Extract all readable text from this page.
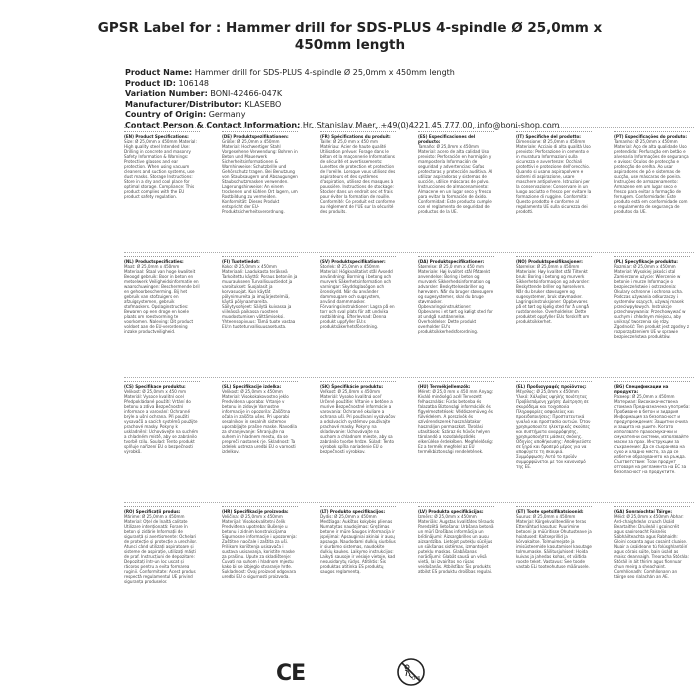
GPSR Label for : Hammer drill for SDS-PLUS 4-spindle Ø 25,0mm x
450mm length
Product Name: Hammer drill for SDS-PLUS 4-spindle Ø 25,0mm x 450mm length
Product ID: 106148
Variation Number: BONI-42466-047K
Manufacturer/Distributor: KLASEBO
Country of Origin: Germany
Contact Person & Contact Information: Hr. Stanislav Maer, +49(0)4221 45 777 00, info@boni-shop.com
(EN) Product Specifications:
Size: Ø 25,0mm x 450mm Material: High quality steel Intended Use: Drilling in concrete and masonry Safety Information & Warnings: Protective glasses and ear protection. When using vacuum cleaners and suction systems, use dust masks. Storage Instructions: Store in a dry and cool place for optimal storage. Compliance: This product complies with the EU product safety regulation.
(DE) Produktspezifikationen:
Größe: Ø 25,0mm x 450mm Material: Hochwertiger Stahl Vorgesehene Verwendung: Bohren in Beton und Mauerwerk Sicherheitsinformationen & Warnhinweise: Schutzbrille und Gehörschutz tragen. Bei Benutzung von Staubsaugern und Absaugungen Staubschutzmasken verwenden. Lagerungshinweise: An einem trockenen und kühlen Ort lagern, um Rostbildung zu vermeiden. Konformität: Dieses Produkt entspricht der EU-Produktsicherheitsverordnung.
(FR) Spécifications du produit:
Taille: Ø 25,0 mm x 450 mm Matériau: Acier de haute qualité Utilisation prévue: Forage dans le béton et la maçonnerie Informations de sécurité et avertissements: Lunettes de protection et protection de l'oreille. Lorsque vous utilisez des aspirateurs et des systèmes d'aspiration, utilisez des masques à poussière. Instructions de stockage: Stocker dans un endroit sec et frais pour éviter la formation de rouille. Conformité: Ce produit est conforme au règlement de l'UE sur la sécurité des produits.
(ES) Especificaciones del producto:
Tamaño: Ø 25,0mm x 450mm Material: acero de alta calidad Uso previsto: Perforación en hormigón y mampostería Información de seguridad y advertencias: Gafas protectoras y protección auditiva. Al utilizar aspiradoras y sistemas de succión, utilice máscaras de polvo. Instrucciones de almacenamiento: Almacene en un lugar seco y fresco para evitar la formación de óxido. Conformidad: Este producto cumple con el reglamento de seguridad de productos de la UE.
(IT) Specifiche del prodotto:
Dimensione: Ø 25,0mm x 450mm Materiale: Acciaio di alta qualità Uso previsto: Perforazione in cemento e in muratura Informazioni sulla sicurezza e avvertenze: Occhiali protettivi e protezione dell'orecchio. Quando si usano aspirapolvere e sistemi di aspirazione, usare maschere antipolvere. Istruzioni per la conservazione: Conservare in un luogo asciutto e fresco per evitare la formazione di ruggine. Conformità: Questo prodotto è conforme al regolamento UE sulla sicurezza dei prodotti.
(PT) Especificações do produto:
Tamanho: Ø 25,0mm x 450mm Material: Aço de alta qualidade Uso pretendido: Perfuração em betão e alvenaria Informações de segurança e avisos: Óculos de protecção e protecção de orelha. Ao usar aspiradores de pó e sistemas de sucção, use máscaras de poeira. Instruções de armazenamento: Armazene em um lugar seco e fresco para evitar a formação de ferrugem. Conformidade: Este produto está em conformidade com o regulamento de segurança de produtos da UE.
(NL) Productspecificaties:
Maat: Ø 25,0mm x 450mm Materiaal: Staal van hoge kwaliteit Beoogd gebruik: Boor in beton en metselwerk Veiligheidsinformatie en waarschuwingen: Beschermende bril en gehoorbescherming. Bij het gebruik van stofzuigers en afzuigsystemen, gebruik stofmaskers. Opslaginstructies: Bewaren op een droge en koele plaats om roestvorming te voorkomen. Naleving: Dit product voldoet aan de EU-verordening inzake productveiligheid.
(FI) Tuotetiedot:
Koko: Ø 25,0mm x 450mm Materiaali: Laadukasta teräkseä Tarkoitettu käyttö: Poraus betoniin ja muuraukseen Turvallisuustiedot ja varoitukset: Suojalasit ja korvasuojat. Kun käytät pölynimureita ja imujärjestelmiä, käytä pölynaamareita. Säilytysohjeet: Säilytä kuivassa ja viileässä paikassa ruosteen muodostumisen välttämiseksi. Yhteensopivuus: Tämä tuote vastaa EU:n tuoteturvallisuusasetusta.
(SV) Produktspecifikationer:
Storlek: Ø 25,0mm x 450mm Material: Högkvalitativt stål Avsedd användning: Borrning i betong och murverk Säkerhetsinformation och varningar: Skyddsglasögon och öronskydd. När du använder dammsugare och sugsystem, använd dammmasker. Förvaringsinstruktioner: Lagra på en torr och sval plats för att undvika rostbildning. Efterlevnad: Denna produkt uppfyller EU:s produktsäkerhetsförordning.
(DA) Produktspecifikationer:
Størrelse: Ø 25,0 mm x 450 mm Materiale: Høj kvalitet stål Påtænkt anvendelse: Boring i beton og murværk Sikkerhedsinformation og advarsler: Beskyttelsesbriller og høreværn. Når du bruger støvsugere og sugesystemer, skal du bruge støvmasker. Opbevaringsinstruktioner: Opbevares i et tørt og køligt sted for at undgå rustdannelse. Overholdelse: Dette produkt overholder EU's produktsikkerhedsforordning.
(NO) Produktspesifikasjoner:
Størrelse: Ø 25,0mm x 450mm Materiale: Høy kvalitet stål Tiltenkt bruk: Boring i betong og murverk Sikkerhetsinformasjon og advarsler: Beskyttende briller og hørselvern. Når du bruker støvsugere og sugesystemer, bruk støvmasker. Lagringsinstruksjoner: Oppbevares på et tørt og kjølig sted for å unngå rustdannelse. Overholdelse: Dette produktet oppfyller EUs forskrift om produktsikkerhet.
(PL) Specyfikacje produktu:
Rozmiar: Ø 25,0mm x 450mm Materiał: Wysokiej jakości stal Zamierzone użycie: Wiercenie w betonie i murze Informacje o bezpieczeństwie i ostrzeżenia: Okulary ochronne i ochrona ucha. Podczas używania odkurzaczy i systemów ssących, używaj masek przeciwpyłowych. Instrukcje przechowywania: Przechowywać w suchym i chłodnym miejscu, aby uniknąć tworzenia się rdzy. Zgodność: Ten produkt jest zgodny z rozporządzeniem UE w sprawie bezpieczeństwa produktów.
(CS) Specifikace produktu:
Velikost: Ø 25,0mm x 450 mm Materiál: Vysoce kvalitní ocel Předpokládané použití: Vrtání do betonu a zdiva Bezpečnostní informace a varování: Ochranné brýle a ušní ochrana. Při použití vysavačů a sacích systémů použijte prachové masky. Pokyny k uskladnění: Uchovávejte na suchém a chladném místě, aby se zabránilo tvorbě rzilu. Soulad: Tento produkt splňuje nařízení EU o bezpečnosti výrobků.
(SL) Specifikacije izdelka:
Velikost: Ø 25,0mm x 450mm Material: Visokokakovostno jeklo Predvidena uporaba: Vrtanje v betonu in zidovje Varnostne informacije in opozorila: Zaščitna očala in zaščita ušes. Pri uporabi sesalnikov in sesalnih sistemov uporabljajte prašne maske. Navodila za shranjevanje: Shranjujte na suhem in hladnem mestu, da se prepreči nastanek rje. Skladnost: Ta izdelek ustreza uredbi EU o varnosti izdelkov.
(SK) Špecifikácie produktu:
Veľkosť: Ø 25,0mm x 450mm Materiál: Vysoko kvalitná oceľ Určené použitie: Vŕtanie v betóne a murive Bezpečnostné informácie a varovania: Ochranné okuliare a ochrana uší. Pri používaní vysávačov a odsávacích systémov používajte prachové masky. Pokyny na skladovanie: Uchovávajte na suchom a chladnom mieste, aby sa zabránilo tvorbe hrdze. Súlad: Tento výrobok spĺňa nariadenie EÚ o bezpečnosti výrobkov.
(HU) Termékjellemzők:
Méret: Ø 25,0 mm x 450 mm Anyag: Kiváló minőségű acél Tervezett felhasználás: Fúrás betonba és falazatba Biztonsági információk és figyelmeztetések: Védőszemüveg és fülvédelem. A porszívók és szívórendszerek használatakor használjon pormaszkot. Tárolási utasítások: Száraz és hűvös helyen tárolandó a rozsdaképződés elkerülése érdekében. Megfelelőség: Ez a termék megfelel az EU termékbiztonsági rendeletének.
(EL) Προδιαγραφές προϊόντος:
Μέγεθος: Ø 25,0mm x 450mm Υλικό: Χάλυβας υψηλής ποιότητας Προβλεπόμενη χρήση: Διάτρηση σε σκυρόδεμα και τοιχοποιία Πληροφορίες ασφαλείας και προειδοποιήσεις: Προστατευτικά γυαλιά και προστασία αυτιών. Όταν χρησιμοποιείτε ηλεκτρικές σκούπες και συστήματα αναρρόφησης, χρησιμοποιήστε μάσκες σκόνης. Οδηγίες αποθήκευσης: Αποθηκεύστε σε ξηρό και δροσερό μέρος για να αποφύγετε τη σκουριά. Συμμόρφωση: Αυτό το προϊόν συμμορφώνεται με τον κανονισμό της ΕΕ.
(BG) Спецификации на продукта:
Размер: Ø 25,0mm x 450mm Материал: Висококачествена стомана Предназначена употреба: Пробиване в бетон и зидария Информация за безопасност и предупреждения: Защитни очила и защита на ушите. Когато използвате прахосмукачки и смукателни системи, използвайте маски за прах. Инструкции за съхранение: Да се съхранява на сухо и хладно място, за да се избегне образуването на ръжда. Съответствие: Този продукт отговаря на регламента на ЕС за безопасност на продуктите.
(RO) Specificații produs:
Mărime: Ø 25,0mm x 450mm Material: Oțel de înaltă calitate Utilizare intenționată: Forare în beton și zidărie Informații de siguranță și avertismente: Ochelari de protecție și protecție a urechilor. Atunci când utilizați aspiratoare și sisteme de aspirație, utilizați măști de praf. Instrucțiuni de depozitare: Depozitați într-un loc uscat și răcoros pentru a evita formarea ruginii. Conformitate: Acest produs respectă regulamentul UE privind siguranța produselor.
(HR) Specifikacije proizvoda:
Veličina: Ø 25,0mm x 450mm Materijal: Visokokvalitetni čelik Predviđena upotreba: Bušenje u betonu i zidnim konstrukcijama Sigurnosne informacije i upozorenja: Zaštitne naočale i zaštita za uši. Prilikom korištenja usisavača i sustava usisavanja, koristite maske za prašinu. Upute za skladištenje: Čuvati na suhom i hladnom mjestu kako bi se izbjeglo stvaranje hrđe. Sukladnost: Ovaj proizvod odgovara uredbi EU o sigurnosti proizvoda.
(LT) Produkto specifikacijos:
Dydis: Ø 25,0mm x 450mm Medžiaga: Aukštos kokybės plienas Numatytas naudojimas: Gręžimas betone ir mūre Saugos informacija ir įspėjimai: Apsauginiai akiniai ir ausų apsauga. Naudodami dulkių siurblius ir siurbimo sistemas, naudokite dulkių kaukes. Laikymo instrukcijos: Laikyti sausoje ir vėsioje vietoje, kad nesusidarytų rūdys. Atitiktis: Šis produktas atitinka ES produktų saugos reglamentą.
(LV) Produkta specifikācijas:
Izmērs: Ø 25,0mm x 450mm Materiāls: Augstas kvalitātes tērauds Paredzētā lietošana: Urbšana betonā un mūrī Drošības informācija un brīdinājumi: Aizsargbrilles un ausu aizsardzība. Lietojot putekļu sūcējus un sūkšanas sistēmas, izmantojiet putekļu maskas. Glabāšanas norādījumi: Glabāt sausā un vēsā vietā, lai izvairītos no rūsas veidošanās. Atbilstība: Šis produkts atbilst ES produktu drošības regulai.
(ET) Toote spetsifikatsioonid:
Suurus: Ø 25,0mm x 450mm Materjal: Kõrgekvaliteediline teras Ettenähtud kasutus: Puurimine betooni ja müüritisse Ohutusteave ja hoiatused: Kaitseprillid ja kõrvakaitse. Tolmuimejate ja imisüsteemide kasutamisel kasutage tolmumaske. Säilitusjuhised: Hoida kuivas ja jahedas kohas, et vältida rooste teket. Vastavus: See toode vastab ELi tooteohutuse määrusele.
(GA) Sonraíochtaí Táirge:
Méid: Ø 25,0mm x 450mm Ábhar: Ard-chaighdeán cruach Úsáid Beartaithe: Druileáil i gcoincréit agus saoirseacht Faisnéis Sábháilteachta agus Rabhaidh: Gloiní cosanta agus cosaint cluaise. Nuair a úsáideann tú folúsghlantóirí agus córais súite, bain úsáid as maisc deannaigh. Treoracha Stórála: Stóráil in áit thirim agus fionnuar chun meirg a sheachaint. Comhlíonadh: Comhlíonann an táirge seo rialachán an AE.
CE	0-3
